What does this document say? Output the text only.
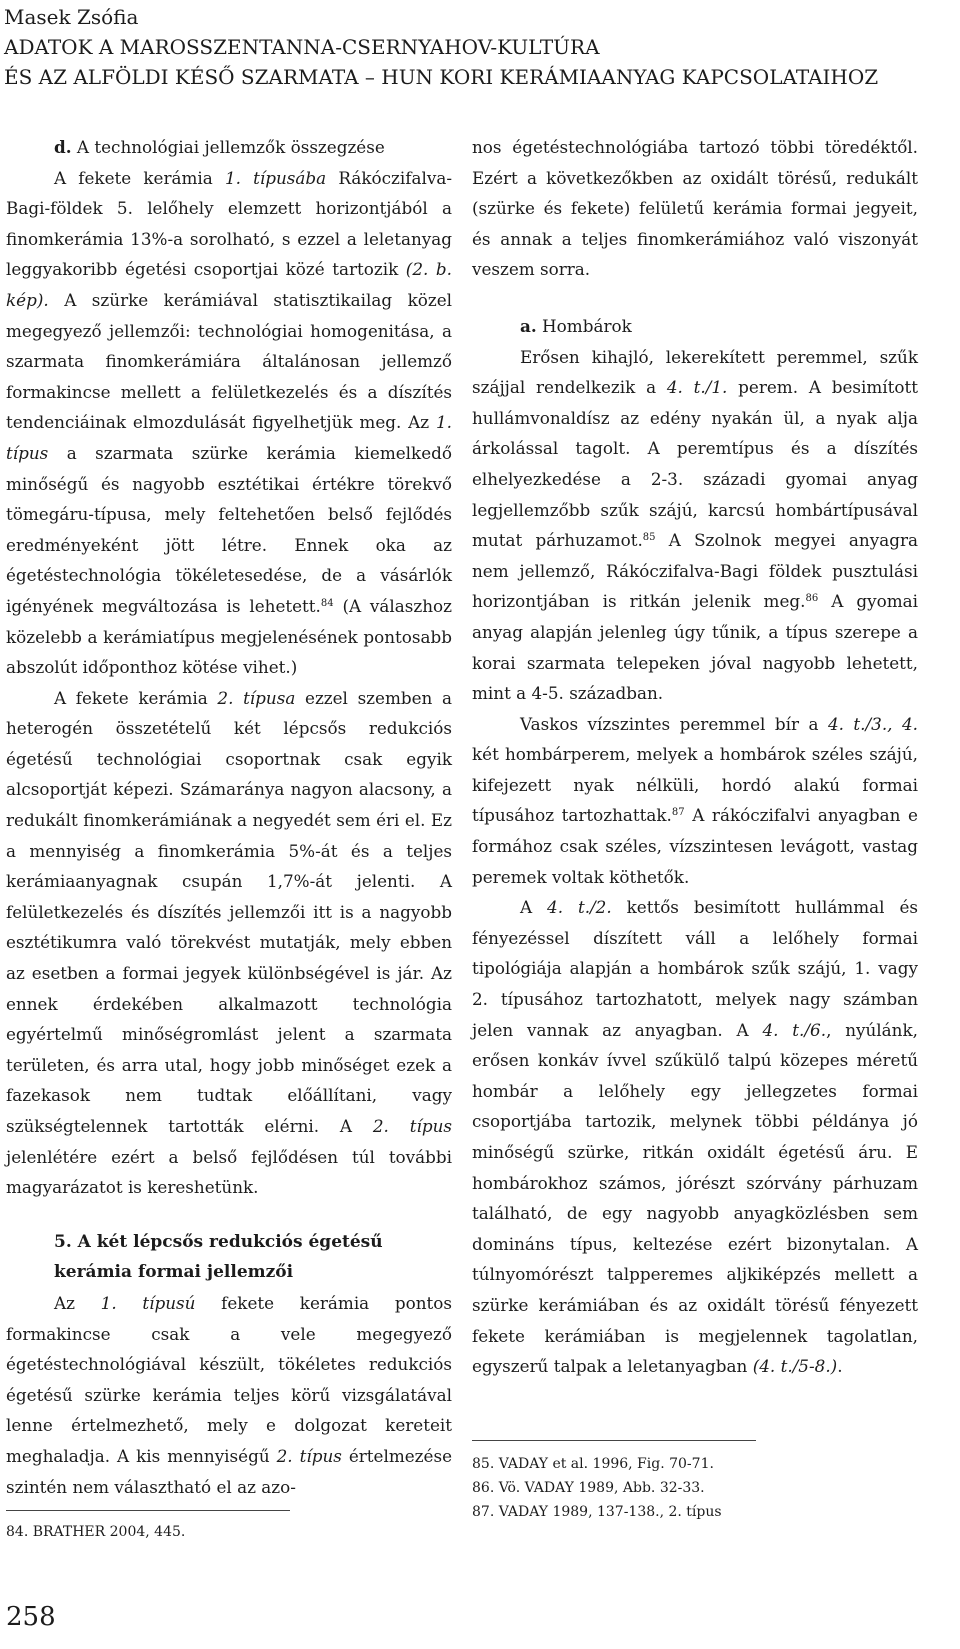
Masek Zsófia
ADATOK A MAROSSZENTANNA-CSERNYAHOV-KULTÚRA
ÉS AZ ALFÖLDI KÉSŐ SZARMATA – HUN KORI KERÁMIAANYAG KAPCSOLATAIHOZ
d. A technológiai jellemzők összegzése

A fekete kerámia 1. típusába Rákóczifalva-Bagi-földek 5. lelőhely elemzett horizontjából a finomkerámia 13%-a sorolható, s ezzel a leletanyag leggyakoribb égetési csoportjai közé tartozik (2. b. kép). A szürke kerámiával statisztikailag közel megegyező jellemzői: technológiai homogenitása, a szarmata finomkerámiára általánosan jellemző formakincse mellett a felületkezelés és a díszítés tendenciáinak elmozdulását figyelhetjük meg. Az 1. típus a szarmata szürke kerámia kiemelkedő minőségű és nagyobb esztétikai értékre törekvő tömegáru-típusa, mely feltehetően belső fejlődés eredményeként jött létre. Ennek oka az égetéstechnológia tökéletesedése, de a vásárlók igényének megváltozása is lehetett.$^{84}$ (A válaszhoz közelebb a kerámiatípus megjelenésének pontosabb abszolút időponthoz kötése vihet.)

A fekete kerámia 2. típusa ezzel szemben a heterogén összetételű két lépcsős redukciós égetésű technológiai csoportnak csak egyik alcsoportját képezi. Számaránya nagyon alacsony, a redukált finomkerámiának a negyedét sem éri el. Ez a mennyiség a finomkerámia 5%-át és a teljes kerámiaanyagnak csupán 1,7%-át jelenti. A felületkezelés és díszítés jellemzői itt is a nagyobb esztétikumra való törekvést mutatják, mely ebben az esetben a formai jegyek különbségével is jár. Az ennek érdekében alkalmazott technológia egyértelmű minőségromlást jelent a szarmata területen, és arra utal, hogy jobb minőséget ezek a fazekasok nem tudtak előállítani, vagy szükségtelennek tartották elérni. A 2. típus jelenlétére ezért a belső fejlődésen túl további magyarázatot is kereshetünk.

5. A két lépcsős redukciós égetésű kerámia formai jellemzői

Az 1. típusú fekete kerámia pontos formakincse csak a vele megegyező égetéstechnológiával készült, tökéletes redukciós égetésű szürke kerámia teljes körű vizsgálatával lenne értelmezhető, mely e dolgozat kereteit meghaladja. A kis mennyiségű 2. típus értelmezése szintén nem választható el az azo-

nos égetéstechnológiába tartozó többi töredéktől. Ezért a következőkben az oxidált törésű, redukált (szürke és fekete) felületű kerámia formai jegyeit, és annak a teljes finomkerámiához való viszonyát veszem sorra.

a. Hombárok

Erősen kihajló, lekerekített peremmel, szűk szájjal rendelkezik a 4. t./1. perem. A besimított hullámvonaldísz az edény nyakán ül, a nyak alja árkolással tagolt. A peremtípus és a díszítés elhelyezkedése a 2-3. századi gyomai anyag legjellemzőbb szűk szájú, karcsú hombártípusával mutat párhuzamot.$^{85}$ A Szolnok megyei anyagra nem jellemző, Rákóczifalva-Bagi földek pusztulási horizontjában is ritkán jelenik meg.$^{86}$ A gyomai anyag alapján jelenleg úgy tűnik, a típus szerepe a korai szarmata telepeken jóval nagyobb lehetett, mint a 4-5. században.

Vaskos vízszintes peremmel bír a 4. t./3., 4. két hombárperem, melyek a hombárok széles szájú, kifejezett nyak nélküli, hordó alakú formai típusához tartozhattak.$^{87}$ A rákóczifalvi anyagban e formához csak széles, vízszintesen levágott, vastag peremek voltak köthetők.

A 4. t./2. kettős besimított hullámmal és fényezéssel díszített váll a lelőhely formai tipológiája alapján a hombárok szűk szájú, 1. vagy 2. típusához tartozhatott, melyek nagy számban jelen vannak az anyagban. A 4. t./6., nyúlánk, erősen konkáv ívvel szűkülő talpú közepes méretű hombár a lelőhely egy jellegzetes formai csoportjába tartozik, melynek többi példánya jó minőségű szürke, ritkán oxidált égetésű áru. E hombárokhoz számos, jórészt szórvány párhuzam található, de egy nagyobb anyagközlésben sem domináns típus, keltezése ezért bizonytalan. A túlnyomórészt talpperemes aljkiképzés mellett a szürke kerámiában és az oxidált törésű fényezett fekete kerámiában is megjelennek tagolatlan, egyszerű talpak a leletanyagban (4. t./5-8.).

84. BRATHER 2004, 445.
85. VADAY et al. 1996, Fig. 70-71.
86. Vö. VADAY 1989, Abb. 32-33.
87. VADAY 1989, 137-138., 2. típus
258
